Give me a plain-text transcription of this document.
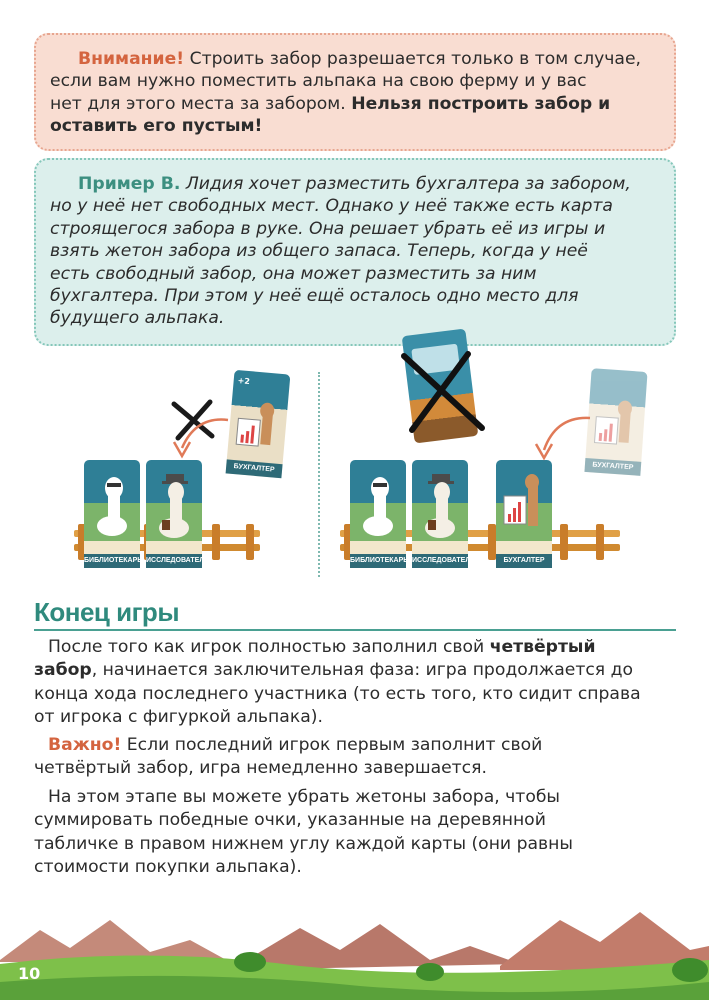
Внимание! Строить забор разрешается только в том случае,
если вам нужно поместить альпака на свою ферму и у вас
нет для этого места за забором. Нельзя построить забор и
оставить его пустым!
Пример B. Лидия хочет разместить бухгалтера за забором,
но у неё нет свободных мест. Однако у неё также есть карта
строящегося забора в руке. Она решает убрать её из игры и
взять жетон забора из общего запаса. Теперь, когда у неё
есть свободный забор, она может разместить за ним
бухгалтера. При этом у неё ещё осталось одно место для
будущего альпака.
БИБЛИОТЕКАРЬ ИССЛЕДОВАТЕЛЬ
+2
БУХГАЛТЕР
БИБЛИОТЕКАРЬ ИССЛЕДОВАТЕЛЬ	БУХГАЛТЕР
БУХГАЛТЕР
Конец игры
После того как игрок полностью заполнил свой четвёртый
забор, начинается заключительная фаза: игра продолжается до
конца хода последнего участника (то есть того, кто сидит справа
от игрока с фигуркой альпака).
Важно! Если последний игрок первым заполнит свой
четвёртый забор, игра немедленно завершается.
На этом этапе вы можете убрать жетоны забора, чтобы
суммировать победные очки, указанные на деревянной
табличке в правом нижнем углу каждой карты (они равны
стоимости покупки альпака).
10
